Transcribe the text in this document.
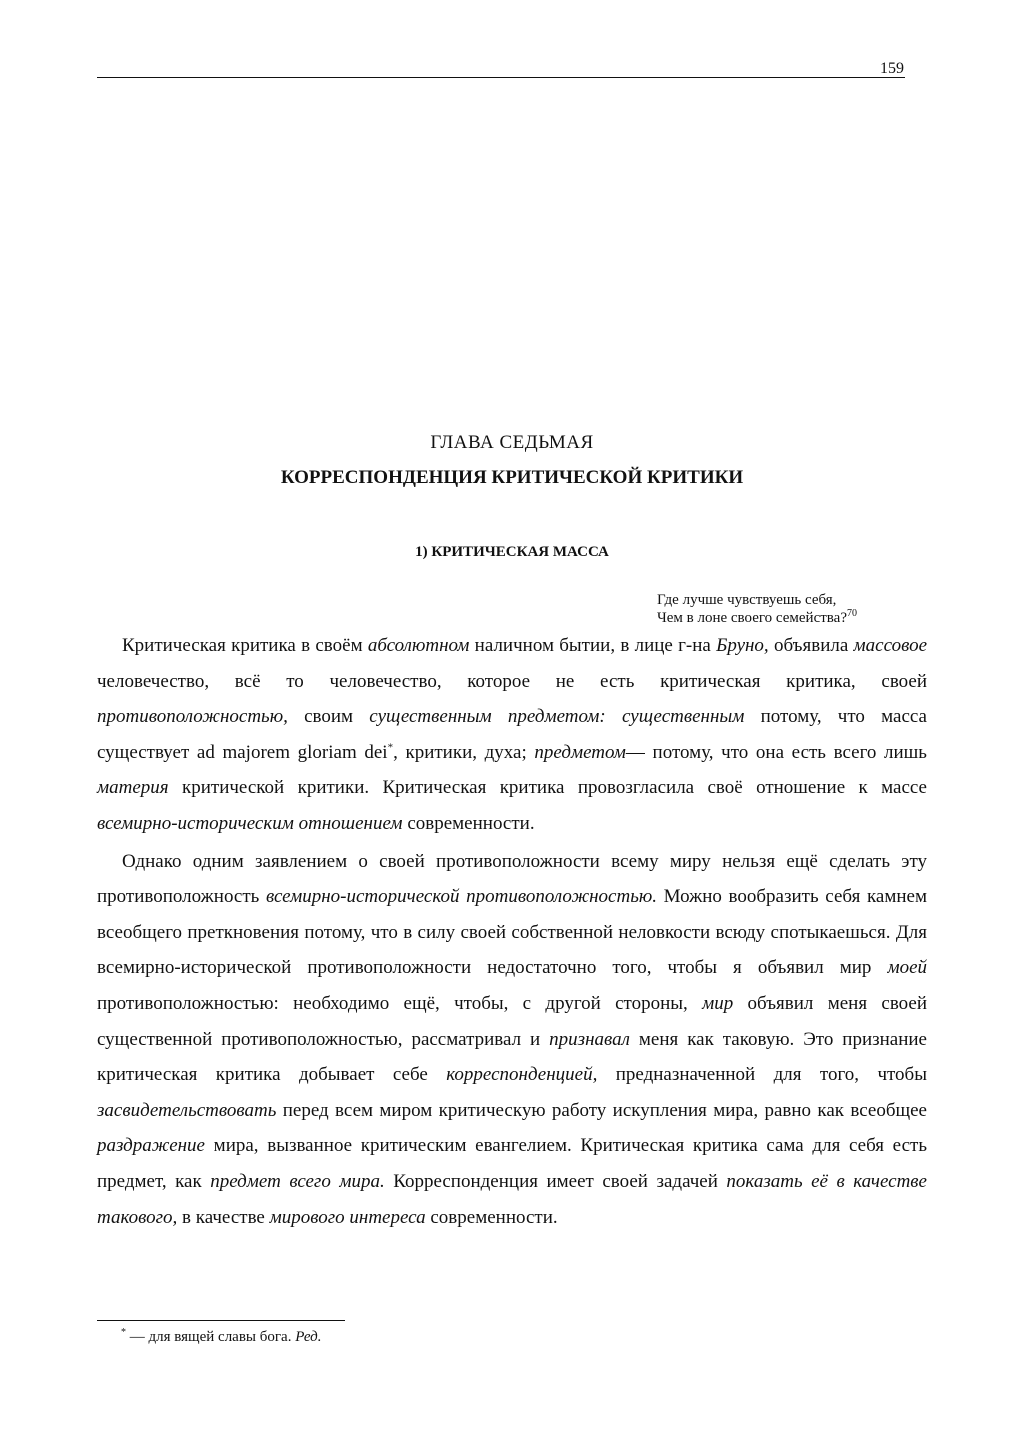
159
ГЛАВА СЕДЬМАЯ
КОРРЕСПОНДЕНЦИЯ КРИТИЧЕСКОЙ КРИТИКИ
1) КРИТИЧЕСКАЯ МАССА
Где лучше чувствуешь себя,
Чем в лоне своего семейства?$^{70}$

Критическая критика в своём абсолютном наличном бытии, в лице г-на Бруно, объявила массовое человечество, всё то человечество, которое не есть критическая критика, своей противоположностью, своим существенным предметом: существенным потому, что масса существует ad majorem gloriam dei*, критики, духа; предметом— потому, что она есть всего лишь материя критической критики. Критическая критика провозгласила своё отношение к массе всемирно-историческим отношением современности.

Однако одним заявлением о своей противоположности всему миру нельзя ещё сделать эту противоположность всемирно-исторической противоположностью. Можно вообразить себя камнем всеобщего преткновения потому, что в силу своей собственной неловкости всюду спотыкаешься. Для всемирно-исторической противоположности недостаточно того, чтобы я объявил мир моей противоположностью: необходимо ещё, чтобы, с другой стороны, мир объявил меня своей существенной противоположностью, рассматривал и признавал меня как таковую. Это признание критическая критика добывает себе корреспонденцией, предназначенной для того, чтобы засвидетельствовать перед всем миром критическую работу искупления мира, равно как всеобщее раздражение мира, вызванное критическим евангелием. Критическая критика сама для себя есть предмет, как предмет всего мира. Корреспонденция имеет своей задачей показать её в качестве такового, в качестве мирового интереса современности.

* — для вящей славы бога. Ред.
